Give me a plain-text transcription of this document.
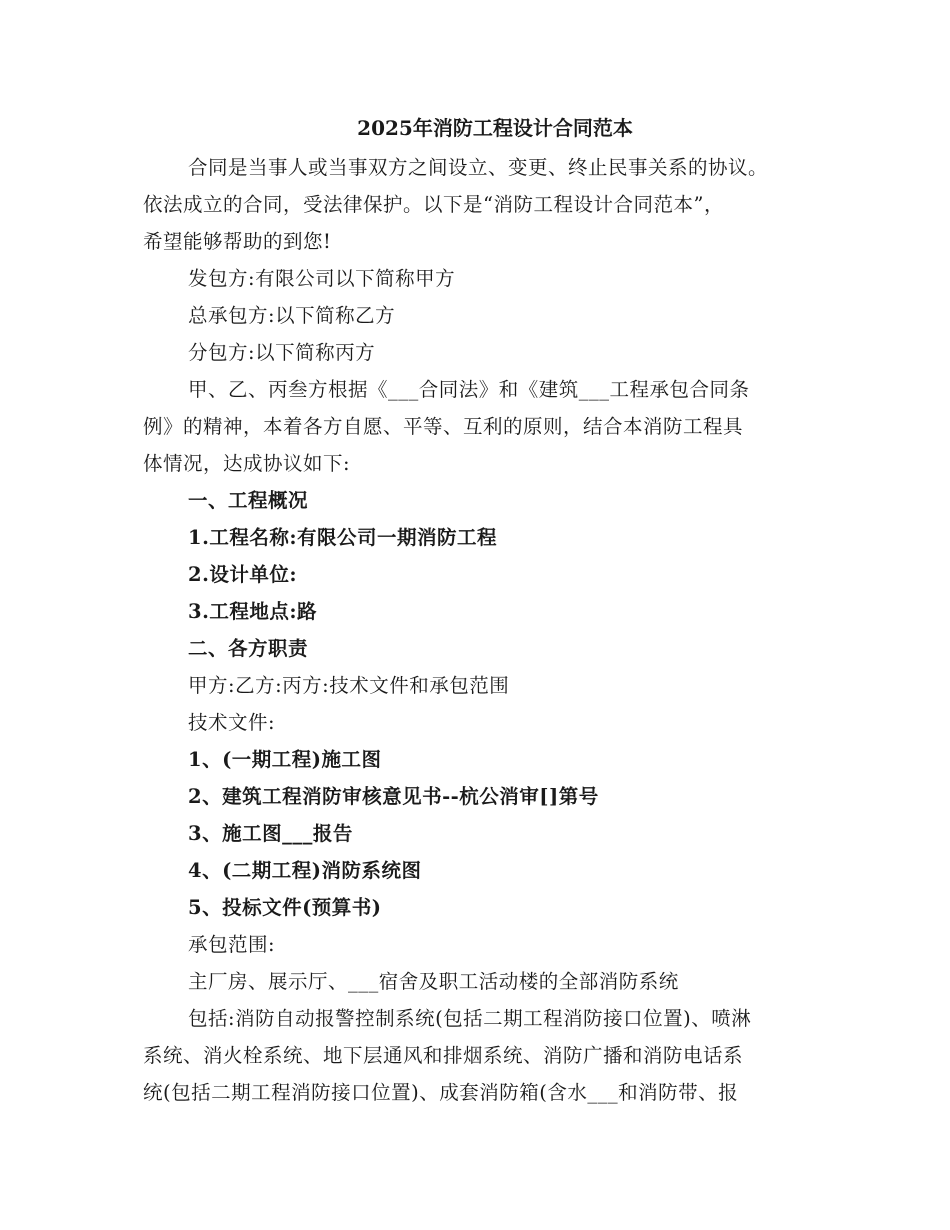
2025年消防工程设计合同范本

合同是当事人或当事双方之间设立、变更、终止民事关系的协议。

依法成立的合同，受法律保护。以下是“消防工程设计合同范本”，

希望能够帮助的到您!

发包方:有限公司以下简称甲方

总承包方:以下简称乙方

分包方:以下简称丙方

甲、乙、丙叁方根据《___合同法》和《建筑___工程承包合同条

例》的精神，本着各方自愿、平等、互利的原则，结合本消防工程具

体情况，达成协议如下:

一、工程概况

1.工程名称:有限公司一期消防工程

2.设计单位:

3.工程地点:路

二、各方职责

甲方:乙方:丙方:技术文件和承包范围

技术文件:

1、(一期工程)施工图

2、建筑工程消防审核意见书--杭公消审[]第号

3、施工图___报告

4、(二期工程)消防系统图

5、投标文件(预算书)

承包范围:

主厂房、展示厅、___宿舍及职工活动楼的全部消防系统

包括:消防自动报警控制系统(包括二期工程消防接口位置)、喷淋

系统、消火栓系统、地下层通风和排烟系统、消防广播和消防电话系

统(包括二期工程消防接口位置)、成套消防箱(含水___和消防带、报
